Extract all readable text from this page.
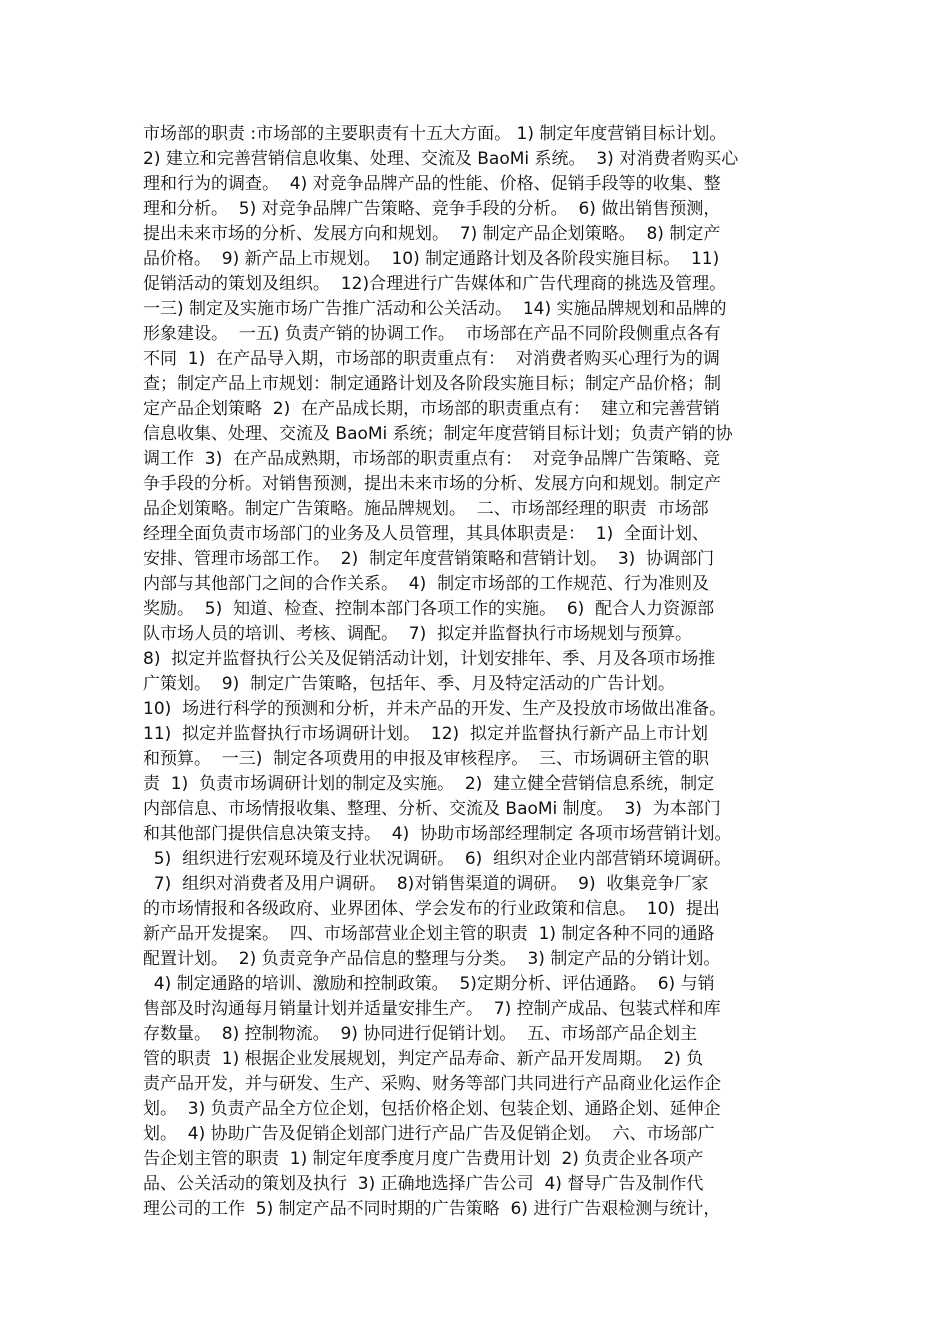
市场部的职责 :市场部的主要职责有十五大方面。 1) 制定年度营销目标计划。
2) 建立和完善营销信息收集、处理、交流及 BaoMi 系统。  3) 对消费者购买心
理和行为的调查。  4) 对竞争品牌产品的性能、价格、促销手段等的收集、整
理和分析。  5) 对竞争品牌广告策略、竞争手段的分析。  6) 做出销售预测，
提出未来市场的分析、发展方向和规划。  7) 制定产品企划策略。  8) 制定产
品价格。  9) 新产品上市规划。  10) 制定通路计划及各阶段实施目标。  11)
促销活动的策划及组织。  12)合理进行广告媒体和广告代理商的挑选及管理。
一三) 制定及实施市场广告推广活动和公关活动。  14) 实施品牌规划和品牌的
形象建设。  一五) 负责产销的协调工作。  市场部在产品不同阶段侧重点各有
不同  1)  在产品导入期，市场部的职责重点有：  对消费者购买心理行为的调
查；制定产品上市规划：制定通路计划及各阶段实施目标；制定产品价格；制
定产品企划策略  2)  在产品成长期，市场部的职责重点有：  建立和完善营销
信息收集、处理、交流及 BaoMi 系统；制定年度营销目标计划；负责产销的协
调工作  3)  在产品成熟期，市场部的职责重点有：  对竞争品牌广告策略、竞
争手段的分析。对销售预测，提出未来市场的分析、发展方向和规划。制定产
品企划策略。制定广告策略。施品牌规划。  二、市场部经理的职责  市场部
经理全面负责市场部门的业务及人员管理，其具体职责是：  1)  全面计划、
安排、管理市场部工作。  2)  制定年度营销策略和营销计划。  3)  协调部门
内部与其他部门之间的合作关系。  4)  制定市场部的工作规范、行为准则及
奖励。  5)  知道、检查、控制本部门各项工作的实施。  6)  配合人力资源部
队市场人员的培训、考核、调配。  7)  拟定并监督执行市场规划与预算。
8)  拟定并监督执行公关及促销活动计划，计划安排年、季、月及各项市场推
广策划。  9)  制定广告策略，包括年、季、月及特定活动的广告计划。
10)  场进行科学的预测和分析，并未产品的开发、生产及投放市场做出准备。
11)  拟定并监督执行市场调研计划。  12)  拟定并监督执行新产品上市计划
和预算。  一三)  制定各项费用的申报及审核程序。  三、市场调研主管的职
责  1)  负责市场调研计划的制定及实施。  2)  建立健全营销信息系统，制定
内部信息、市场情报收集、整理、分析、交流及 BaoMi 制度。  3)  为本部门
和其他部门提供信息决策支持。  4)  协助市场部经理制定 各项市场营销计划。
5)  组织进行宏观环境及行业状况调研。  6)  组织对企业内部营销环境调研。
7)  组织对消费者及用户调研。  8)对销售渠道的调研。  9)  收集竞争厂家
的市场情报和各级政府、业界团体、学会发布的行业政策和信息。  10)  提出
新产品开发提案。  四、市场部营业企划主管的职责  1) 制定各种不同的通路
配置计划。  2) 负责竞争产品信息的整理与分类。  3) 制定产品的分销计划。
4) 制定通路的培训、激励和控制政策。  5)定期分析、评估通路。  6) 与销
售部及时沟通每月销量计划并适量安排生产。  7) 控制产成品、包装式样和库
存数量。  8) 控制物流。  9) 协同进行促销计划。  五、市场部产品企划主
管的职责  1) 根据企业发展规划，判定产品寿命、新产品开发周期。  2) 负
责产品开发，并与研发、生产、采购、财务等部门共同进行产品商业化运作企
划。  3) 负责产品全方位企划，包括价格企划、包装企划、通路企划、延伸企
划。  4) 协助广告及促销企划部门进行产品广告及促销企划。  六、市场部广
告企划主管的职责  1) 制定年度季度月度广告费用计划  2) 负责企业各项产
品、公关活动的策划及执行  3) 正确地选择广告公司  4) 督导广告及制作代
理公司的工作  5) 制定产品不同时期的广告策略  6) 进行广告艰检测与统计，
